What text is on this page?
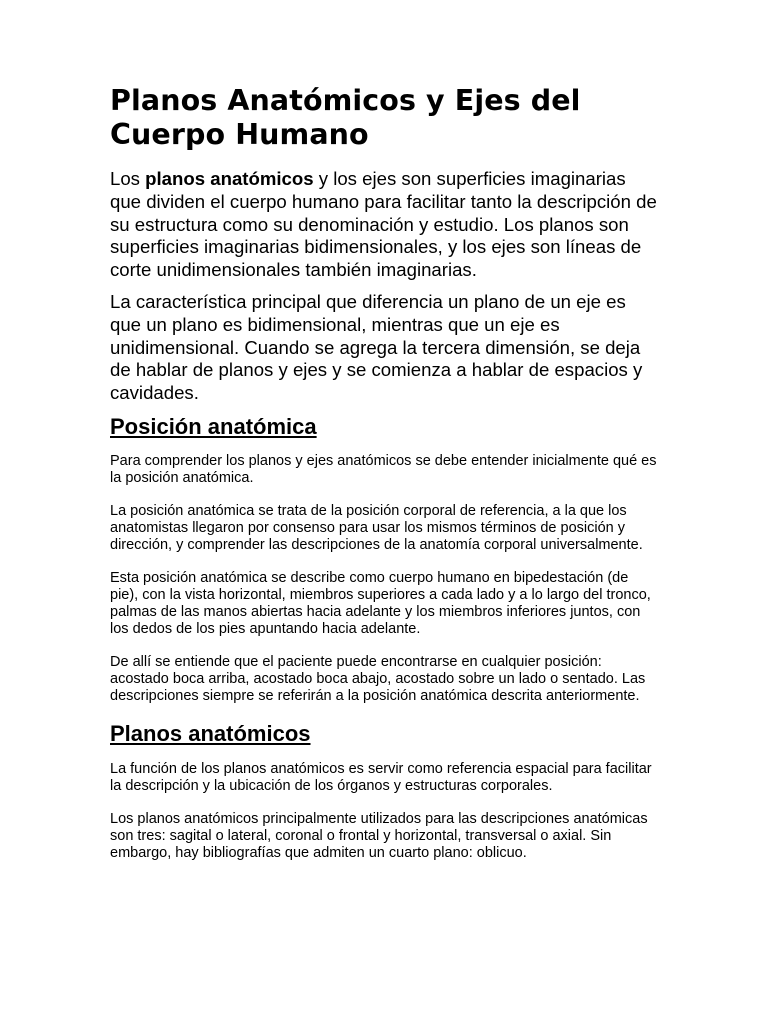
Planos Anatómicos y Ejes del Cuerpo Humano

Los planos anatómicos y los ejes son superficies imaginarias que dividen el cuerpo humano para facilitar tanto la descripción de su estructura como su denominación y estudio. Los planos son superficies imaginarias bidimensionales, y los ejes son líneas de corte unidimensionales también imaginarias.

La característica principal que diferencia un plano de un eje es que un plano es bidimensional, mientras que un eje es unidimensional. Cuando se agrega la tercera dimensión, se deja de hablar de planos y ejes y se comienza a hablar de espacios y cavidades.

Posición anatómica

Para comprender los planos y ejes anatómicos se debe entender inicialmente qué es la posición anatómica.

La posición anatómica se trata de la posición corporal de referencia, a la que los anatomistas llegaron por consenso para usar los mismos términos de posición y dirección, y comprender las descripciones de la anatomía corporal universalmente.

Esta posición anatómica se describe como cuerpo humano en bipedestación (de pie), con la vista horizontal, miembros superiores a cada lado y a lo largo del tronco, palmas de las manos abiertas hacia adelante y los miembros inferiores juntos, con los dedos de los pies apuntando hacia adelante.

De allí se entiende que el paciente puede encontrarse en cualquier posición: acostado boca arriba, acostado boca abajo, acostado sobre un lado o sentado. Las descripciones siempre se referirán a la posición anatómica descrita anteriormente.

Planos anatómicos

La función de los planos anatómicos es servir como referencia espacial para facilitar la descripción y la ubicación de los órganos y estructuras corporales.

Los planos anatómicos principalmente utilizados para las descripciones anatómicas son tres: sagital o lateral, coronal o frontal y horizontal, transversal o axial. Sin embargo, hay bibliografías que admiten un cuarto plano: oblicuo.
